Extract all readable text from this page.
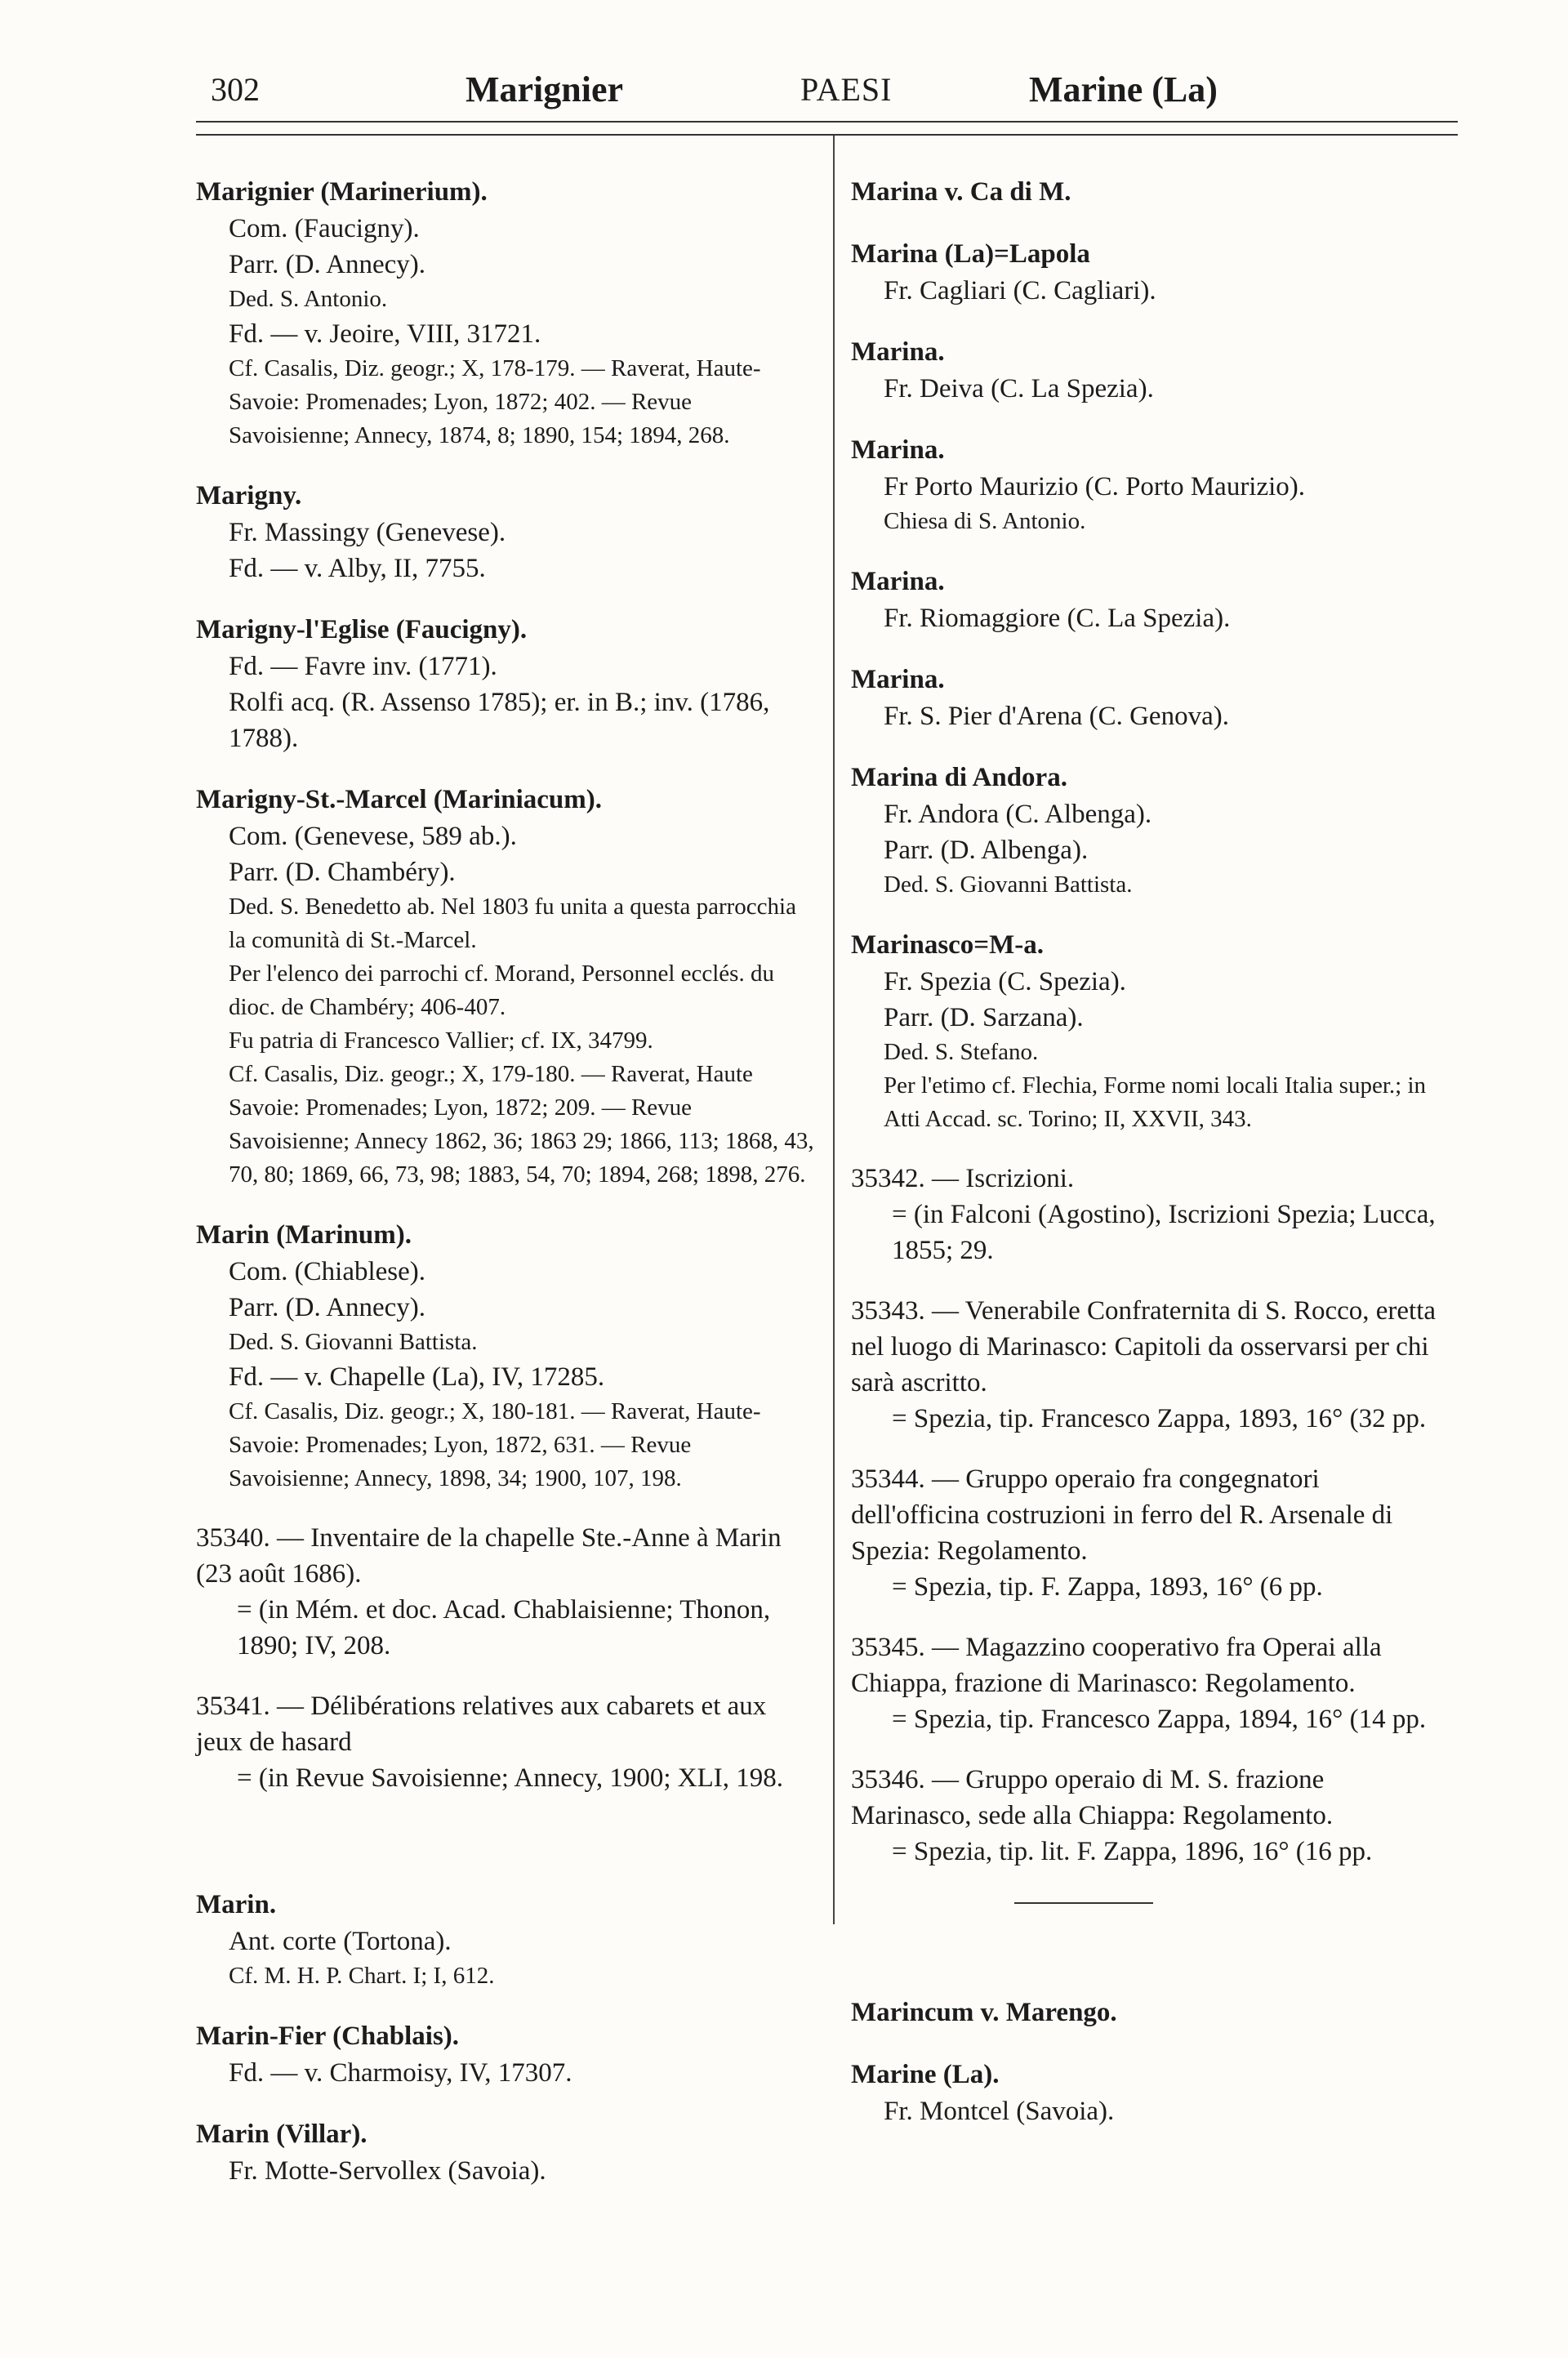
302	Marignier	PAESI	Marine (La)
Marignier (Marinerium).
Com. (Faucigny).
Parr. (D. Annecy).
Ded. S. Antonio.
Fd. — v. Jeoire, VIII, 31721.
Cf. Casalis, Diz. geogr.; X, 178-179. — Raverat, Haute-Savoie: Promenades; Lyon, 1872; 402. — Revue Savoisienne; Annecy, 1874, 8; 1890, 154; 1894, 268.
Marigny.
Fr. Massingy (Genevese).
Fd. — v. Alby, II, 7755.
Marigny-l'Eglise (Faucigny).
Fd. — Favre inv. (1771).
Rolfi acq. (R. Assenso 1785); er. in B.; inv. (1786, 1788).
Marigny-St.-Marcel (Mariniacum).
Com. (Genevese, 589 ab.).
Parr. (D. Chambéry).
Ded. S. Benedetto ab. Nel 1803 fu unita a questa parrocchia la comunità di St.-Marcel.
Per l'elenco dei parrochi cf. Morand, Personnel ecclés. du dioc. de Chambéry; 406-407.
Fu patria di Francesco Vallier; cf. IX, 34799.
Cf. Casalis, Diz. geogr.; X, 179-180. — Raverat, Haute Savoie: Promenades; Lyon, 1872; 209. — Revue Savoisienne; Annecy 1862, 36; 1863 29; 1866, 113; 1868, 43, 70, 80; 1869, 66, 73, 98; 1883, 54, 70; 1894, 268; 1898, 276.
Marin (Marinum).
Com. (Chiablese).
Parr. (D. Annecy).
Ded. S. Giovanni Battista.
Fd. — v. Chapelle (La), IV, 17285.
Cf. Casalis, Diz. geogr.; X, 180-181. — Raverat, Haute-Savoie: Promenades; Lyon, 1872, 631. — Revue Savoisienne; Annecy, 1898, 34; 1900, 107, 198.
35340. — Inventaire de la chapelle Ste.-Anne à Marin (23 août 1686).
= (in Mém. et doc. Acad. Chablaisienne; Thonon, 1890; IV, 208.
35341. — Délibérations relatives aux cabarets et aux jeux de hasard
= (in Revue Savoisienne; Annecy, 1900; XLI, 198.
Marin.
Ant. corte (Tortona).
Cf. M. H. P. Chart. I; I, 612.
Marin-Fier (Chablais).
Fd. — v. Charmoisy, IV, 17307.
Marin (Villar).
Fr. Motte-Servollex (Savoia).
Marina v. Ca di M.
Marina (La)=Lapola
Fr. Cagliari (C. Cagliari).
Marina.
Fr. Deiva (C. La Spezia).
Marina.
Fr Porto Maurizio (C. Porto Maurizio).
Chiesa di S. Antonio.
Marina.
Fr. Riomaggiore (C. La Spezia).
Marina.
Fr. S. Pier d'Arena (C. Genova).
Marina di Andora.
Fr. Andora (C. Albenga).
Parr. (D. Albenga).
Ded. S. Giovanni Battista.
Marinasco=M-a.
Fr. Spezia (C. Spezia).
Parr. (D. Sarzana).
Ded. S. Stefano.
Per l'etimo cf. Flechia, Forme nomi locali Italia super.; in Atti Accad. sc. Torino; II, XXVII, 343.
35342. — Iscrizioni.
= (in Falconi (Agostino), Iscrizioni Spezia; Lucca, 1855; 29.
35343. — Venerabile Confraternita di S. Rocco, eretta nel luogo di Marinasco: Capitoli da osservarsi per chi sarà ascritto.
= Spezia, tip. Francesco Zappa, 1893, 16° (32 pp.
35344. — Gruppo operaio fra congegnatori dell'officina costruzioni in ferro del R. Arsenale di Spezia: Regolamento.
= Spezia, tip. F. Zappa, 1893, 16° (6 pp.
35345. — Magazzino cooperativo fra Operai alla Chiappa, frazione di Marinasco: Regolamento.
= Spezia, tip. Francesco Zappa, 1894, 16° (14 pp.
35346. — Gruppo operaio di M. S. frazione Marinasco, sede alla Chiappa: Regolamento.
= Spezia, tip. lit. F. Zappa, 1896, 16° (16 pp.
Marincum v. Marengo.
Marine (La).
Fr. Montcel (Savoia).
